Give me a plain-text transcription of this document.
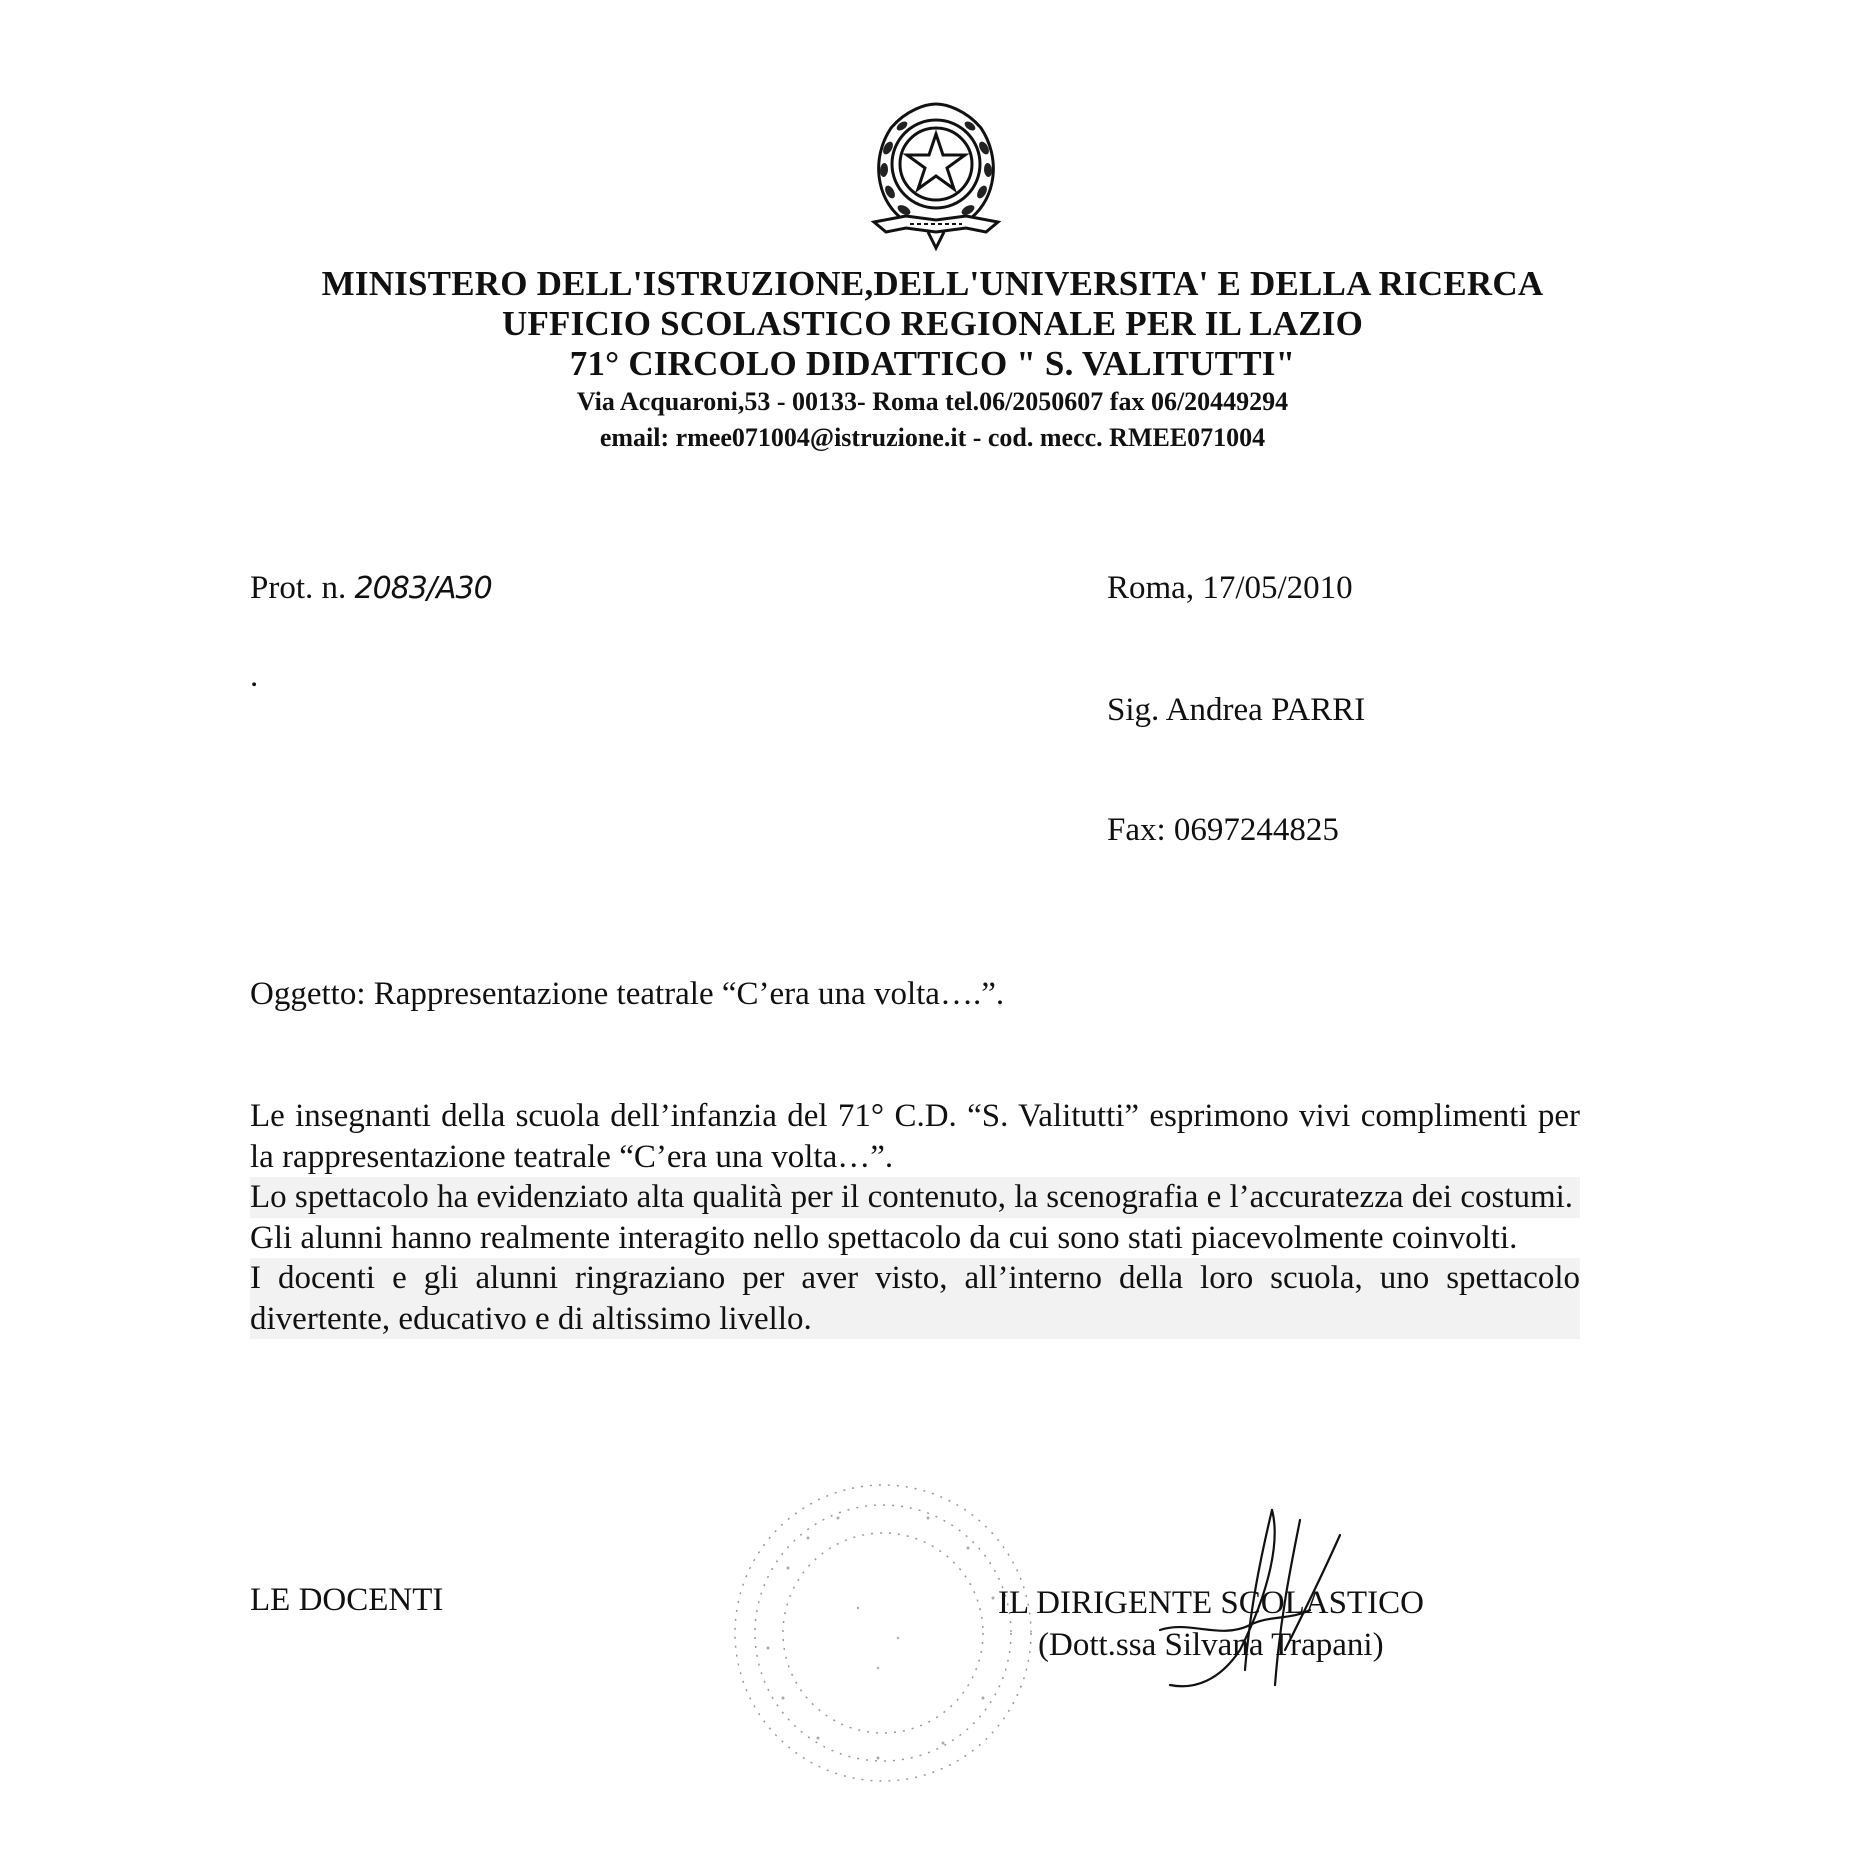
MINISTERO DELL'ISTRUZIONE,DELL'UNIVERSITA' E DELLA RICERCA
UFFICIO SCOLASTICO REGIONALE PER IL LAZIO
71° CIRCOLO DIDATTICO " S. VALITUTTI"
Via Acquaroni,53 - 00133- Roma tel.06/2050607 fax 06/20449294
email: rmee071004@istruzione.it - cod. mecc. RMEE071004
Prot. n. 2083/A30	Roma, 17/05/2010
.
Sig. Andrea PARRI
Fax: 0697244825
Oggetto: Rappresentazione teatrale “C’era una volta….”.

Le insegnanti della scuola dell’infanzia del 71° C.D. “S. Valitutti” esprimono vivi complimenti per la rappresentazione teatrale “C’era una volta…”.

Lo spettacolo ha evidenziato alta qualità per il contenuto, la scenografia e l’accuratezza dei costumi.

Gli alunni hanno realmente interagito nello spettacolo da cui sono stati piacevolmente coinvolti.

I docenti e gli alunni ringraziano per aver visto, all’interno della loro scuola, uno spettacolo divertente, educativo e di altissimo livello.

LE DOCENTI	IL DIRIGENTE SCOLASTICO
(Dott.ssa Silvana Trapani)
